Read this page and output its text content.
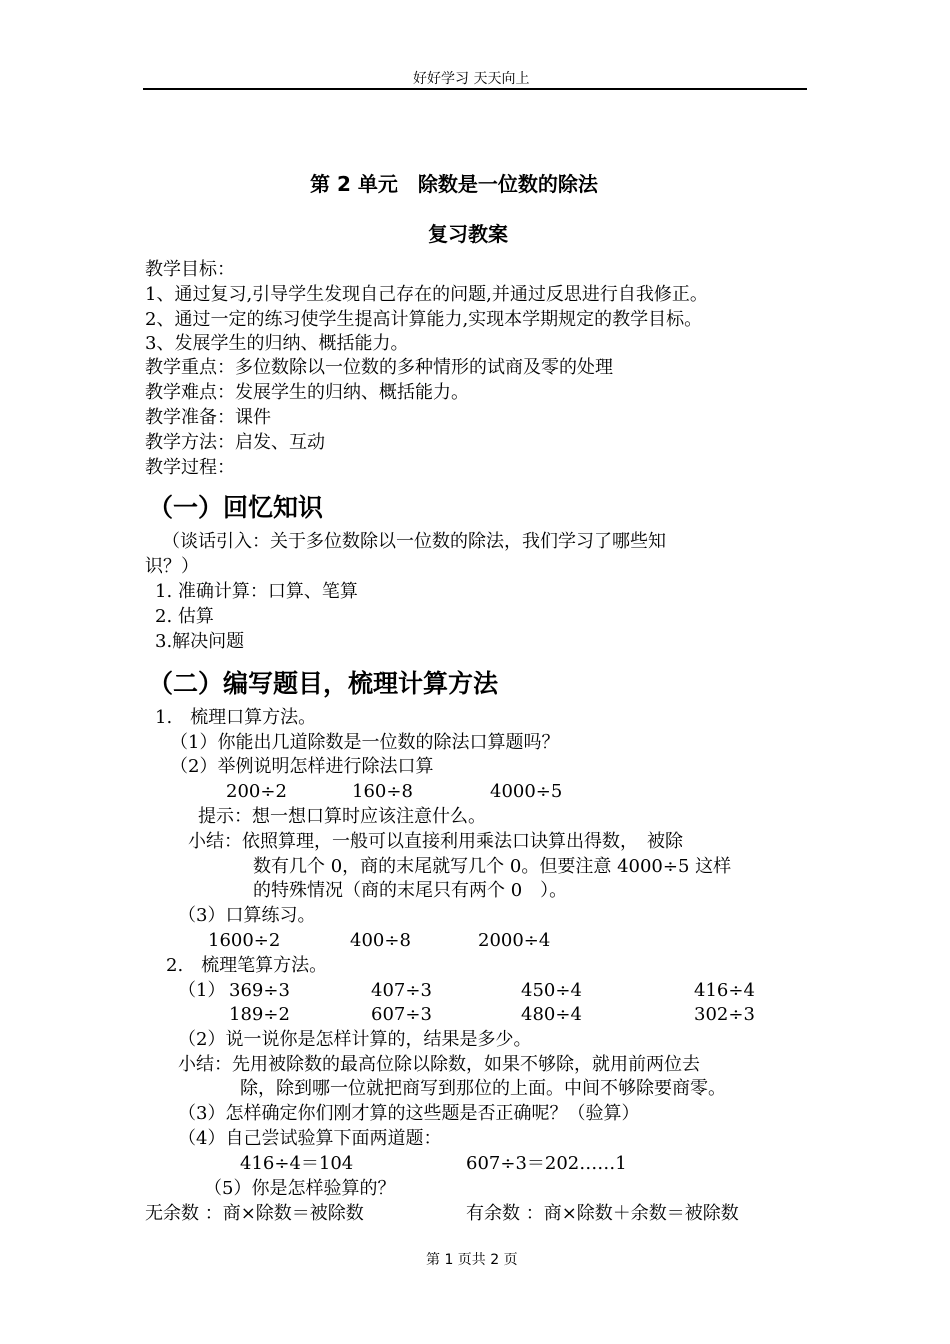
好好学习 天天向上
第 2 单元　除数是一位数的除法
复习教案
教学目标：
1、通过复习,引导学生发现自己存在的问题,并通过反思进行自我修正。
2、通过一定的练习使学生提高计算能力,实现本学期规定的教学目标。
3、发展学生的归纳、概括能力。
教学重点：多位数除以一位数的多种情形的试商及零的处理
教学难点：发展学生的归纳、概括能力。
教学准备：课件
教学方法：启发、互动
教学过程：
（一）回忆知识
（谈话引入：关于多位数除以一位数的除法，我们学习了哪些知
识？）
1. 准确计算：口算、笔算
2. 估算
3.解决问题
（二）编写题目，梳理计算方法
1.　梳理口算方法。
（1）你能出几道除数是一位数的除法口算题吗？
（2）举例说明怎样进行除法口算
200÷2	160÷8	4000÷5
提示：想一想口算时应该注意什么。
小结：依照算理，一般可以直接利用乘法口诀算出得数，　被除
数有几个 0，商的末尾就写几个 0。但要注意 4000÷5 这样
的特殊情况（商的末尾只有两个 0　）。
（3）口算练习。
1600÷2	400÷8	2000÷4
2.　梳理笔算方法。
（1） 369÷3	407÷3	450÷4	416÷4
189÷2	607÷3	480÷4	302÷3
（2）说一说你是怎样计算的，结果是多少。
小结：先用被除数的最高位除以除数，如果不够除，就用前两位去
除，除到哪一位就把商写到那位的上面。中间不够除要商零。
（3）怎样确定你们刚才算的这些题是否正确呢？（验算）
（4）自己尝试验算下面两道题：
416÷4＝104	607÷3＝202……1
（5）你是怎样验算的？
无余数 ：商×除数＝被除数	有余数 ：商×除数＋余数＝被除数
第 1 页共 2 页
